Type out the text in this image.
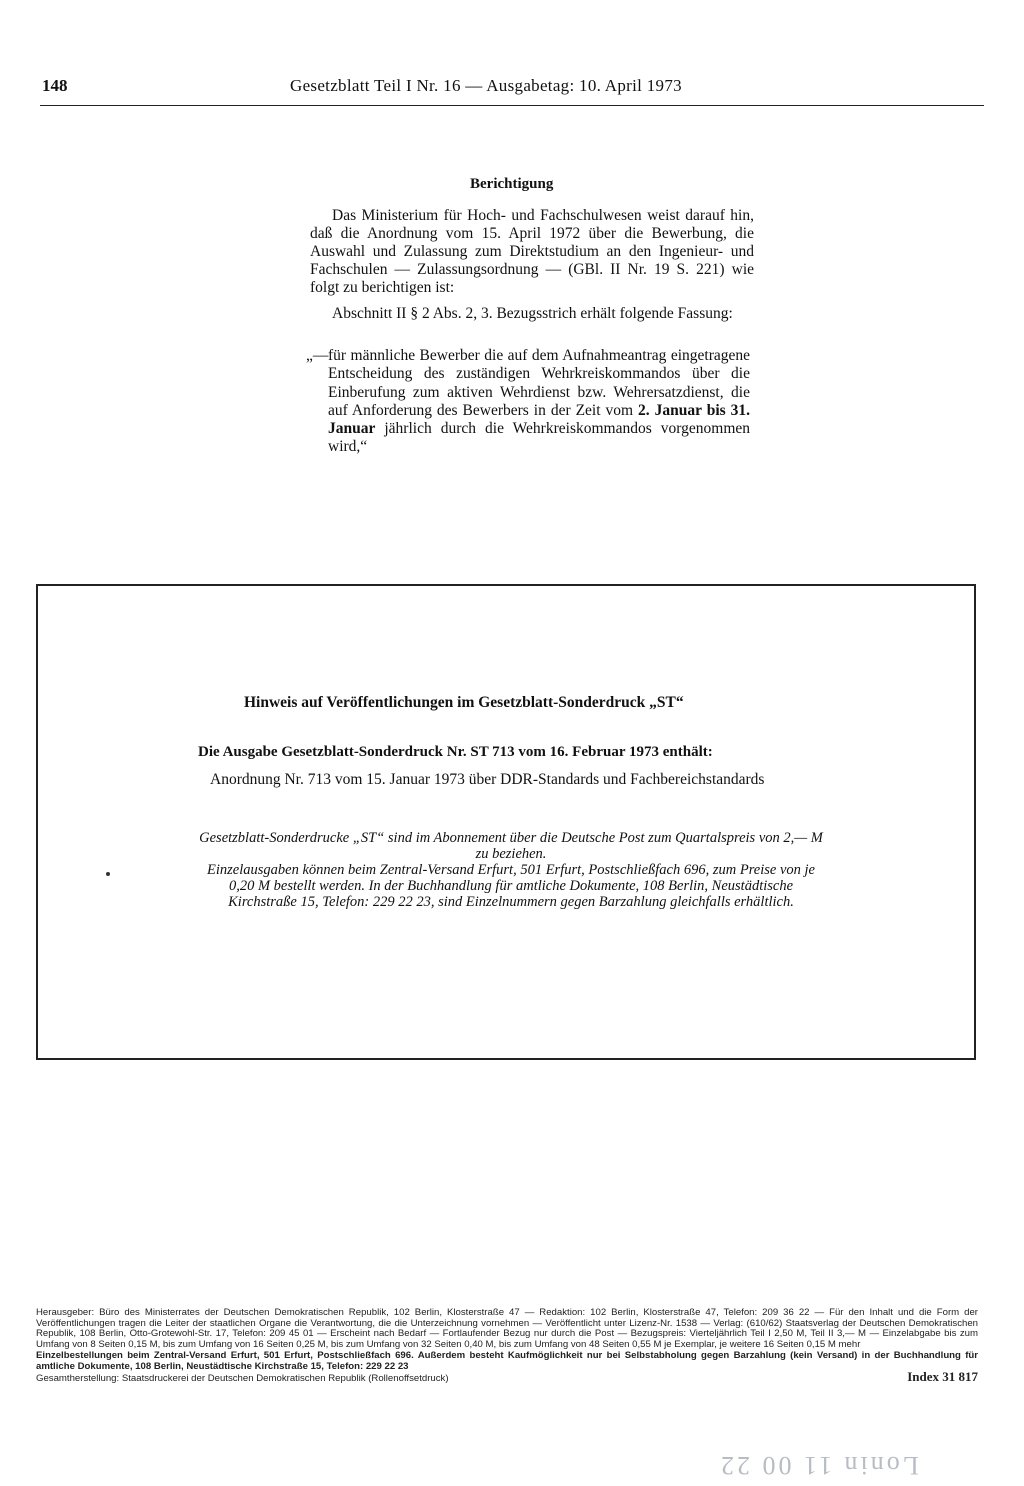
148	Gesetzblatt Teil I Nr. 16 — Ausgabetag: 10. April 1973
Berichtigung

Das Ministerium für Hoch- und Fachschulwesen weist darauf hin, daß die Anordnung vom 15. April 1972 über die Bewerbung, die Auswahl und Zulassung zum Direktstudium an den Ingenieur- und Fachschulen — Zulassungsordnung — (GBl. II Nr. 19 S. 221) wie folgt zu berichtigen ist:

Abschnitt II § 2 Abs. 2, 3. Bezugsstrich erhält folgende Fassung:

„— für männliche Bewerber die auf dem Aufnahmeantrag eingetragene Entscheidung des zuständigen Wehrkreiskommandos über die Einberufung zum aktiven Wehrdienst bzw. Wehrersatzdienst, die auf Anforderung des Bewerbers in der Zeit vom 2. Januar bis 31. Januar jährlich durch die Wehrkreiskommandos vorgenommen wird,“
Hinweis auf Veröffentlichungen im Gesetzblatt-Sonderdruck „ST“
Die Ausgabe Gesetzblatt-Sonderdruck Nr. ST 713 vom 16. Februar 1973 enthält:
Anordnung Nr. 713 vom 15. Januar 1973 über DDR-Standards und Fachbereichstandards

Gesetzblatt-Sonderdrucke „ST“ sind im Abonnement über die Deutsche Post zum Quartalspreis von 2,— M zu beziehen.

Einzelausgaben können beim Zentral-Versand Erfurt, 501 Erfurt, Postschließfach 696, zum Preise von je 0,20 M bestellt werden. In der Buchhandlung für amtliche Dokumente, 108 Berlin, Neustädtische Kirchstraße 15, Telefon: 229 22 23, sind Einzelnummern gegen Barzahlung gleichfalls erhältlich.

Herausgeber: Büro des Ministerrates der Deutschen Demokratischen Republik, 102 Berlin, Klosterstraße 47 — Redaktion: 102 Berlin, Klosterstraße 47, Telefon: 209 36 22 — Für den Inhalt und die Form der Veröffentlichungen tragen die Leiter der staatlichen Organe die Verantwortung, die die Unterzeichnung vornehmen — Veröffentlicht unter Lizenz-Nr. 1538 — Verlag: (610/62) Staatsverlag der Deutschen Demokratischen Republik, 108 Berlin, Otto-Grotewohl-Str. 17, Telefon: 209 45 01 — Erscheint nach Bedarf — Fortlaufender Bezug nur durch die Post — Bezugspreis: Vierteljährlich Teil I 2,50 M, Teil II 3,— M — Einzelabgabe bis zum Umfang von 8 Seiten 0,15 M, bis zum Umfang von 16 Seiten 0,25 M, bis zum Umfang von 32 Seiten 0,40 M, bis zum Umfang von 48 Seiten 0,55 M je Exemplar, je weitere 16 Seiten 0,15 M mehr

Einzelbestellungen beim Zentral-Versand Erfurt, 501 Erfurt, Postschließfach 696. Außerdem besteht Kaufmöglichkeit nur bei Selbstabholung gegen Barzahlung (kein Versand) in der Buchhandlung für amtliche Dokumente, 108 Berlin, Neustädtische Kirchstraße 15, Telefon: 229 22 23

Gesamtherstellung: Staatsdruckerei der Deutschen Demokratischen Republik (Rollenoffsetdruck)	Index 31 817
Lonin 11 00 22
